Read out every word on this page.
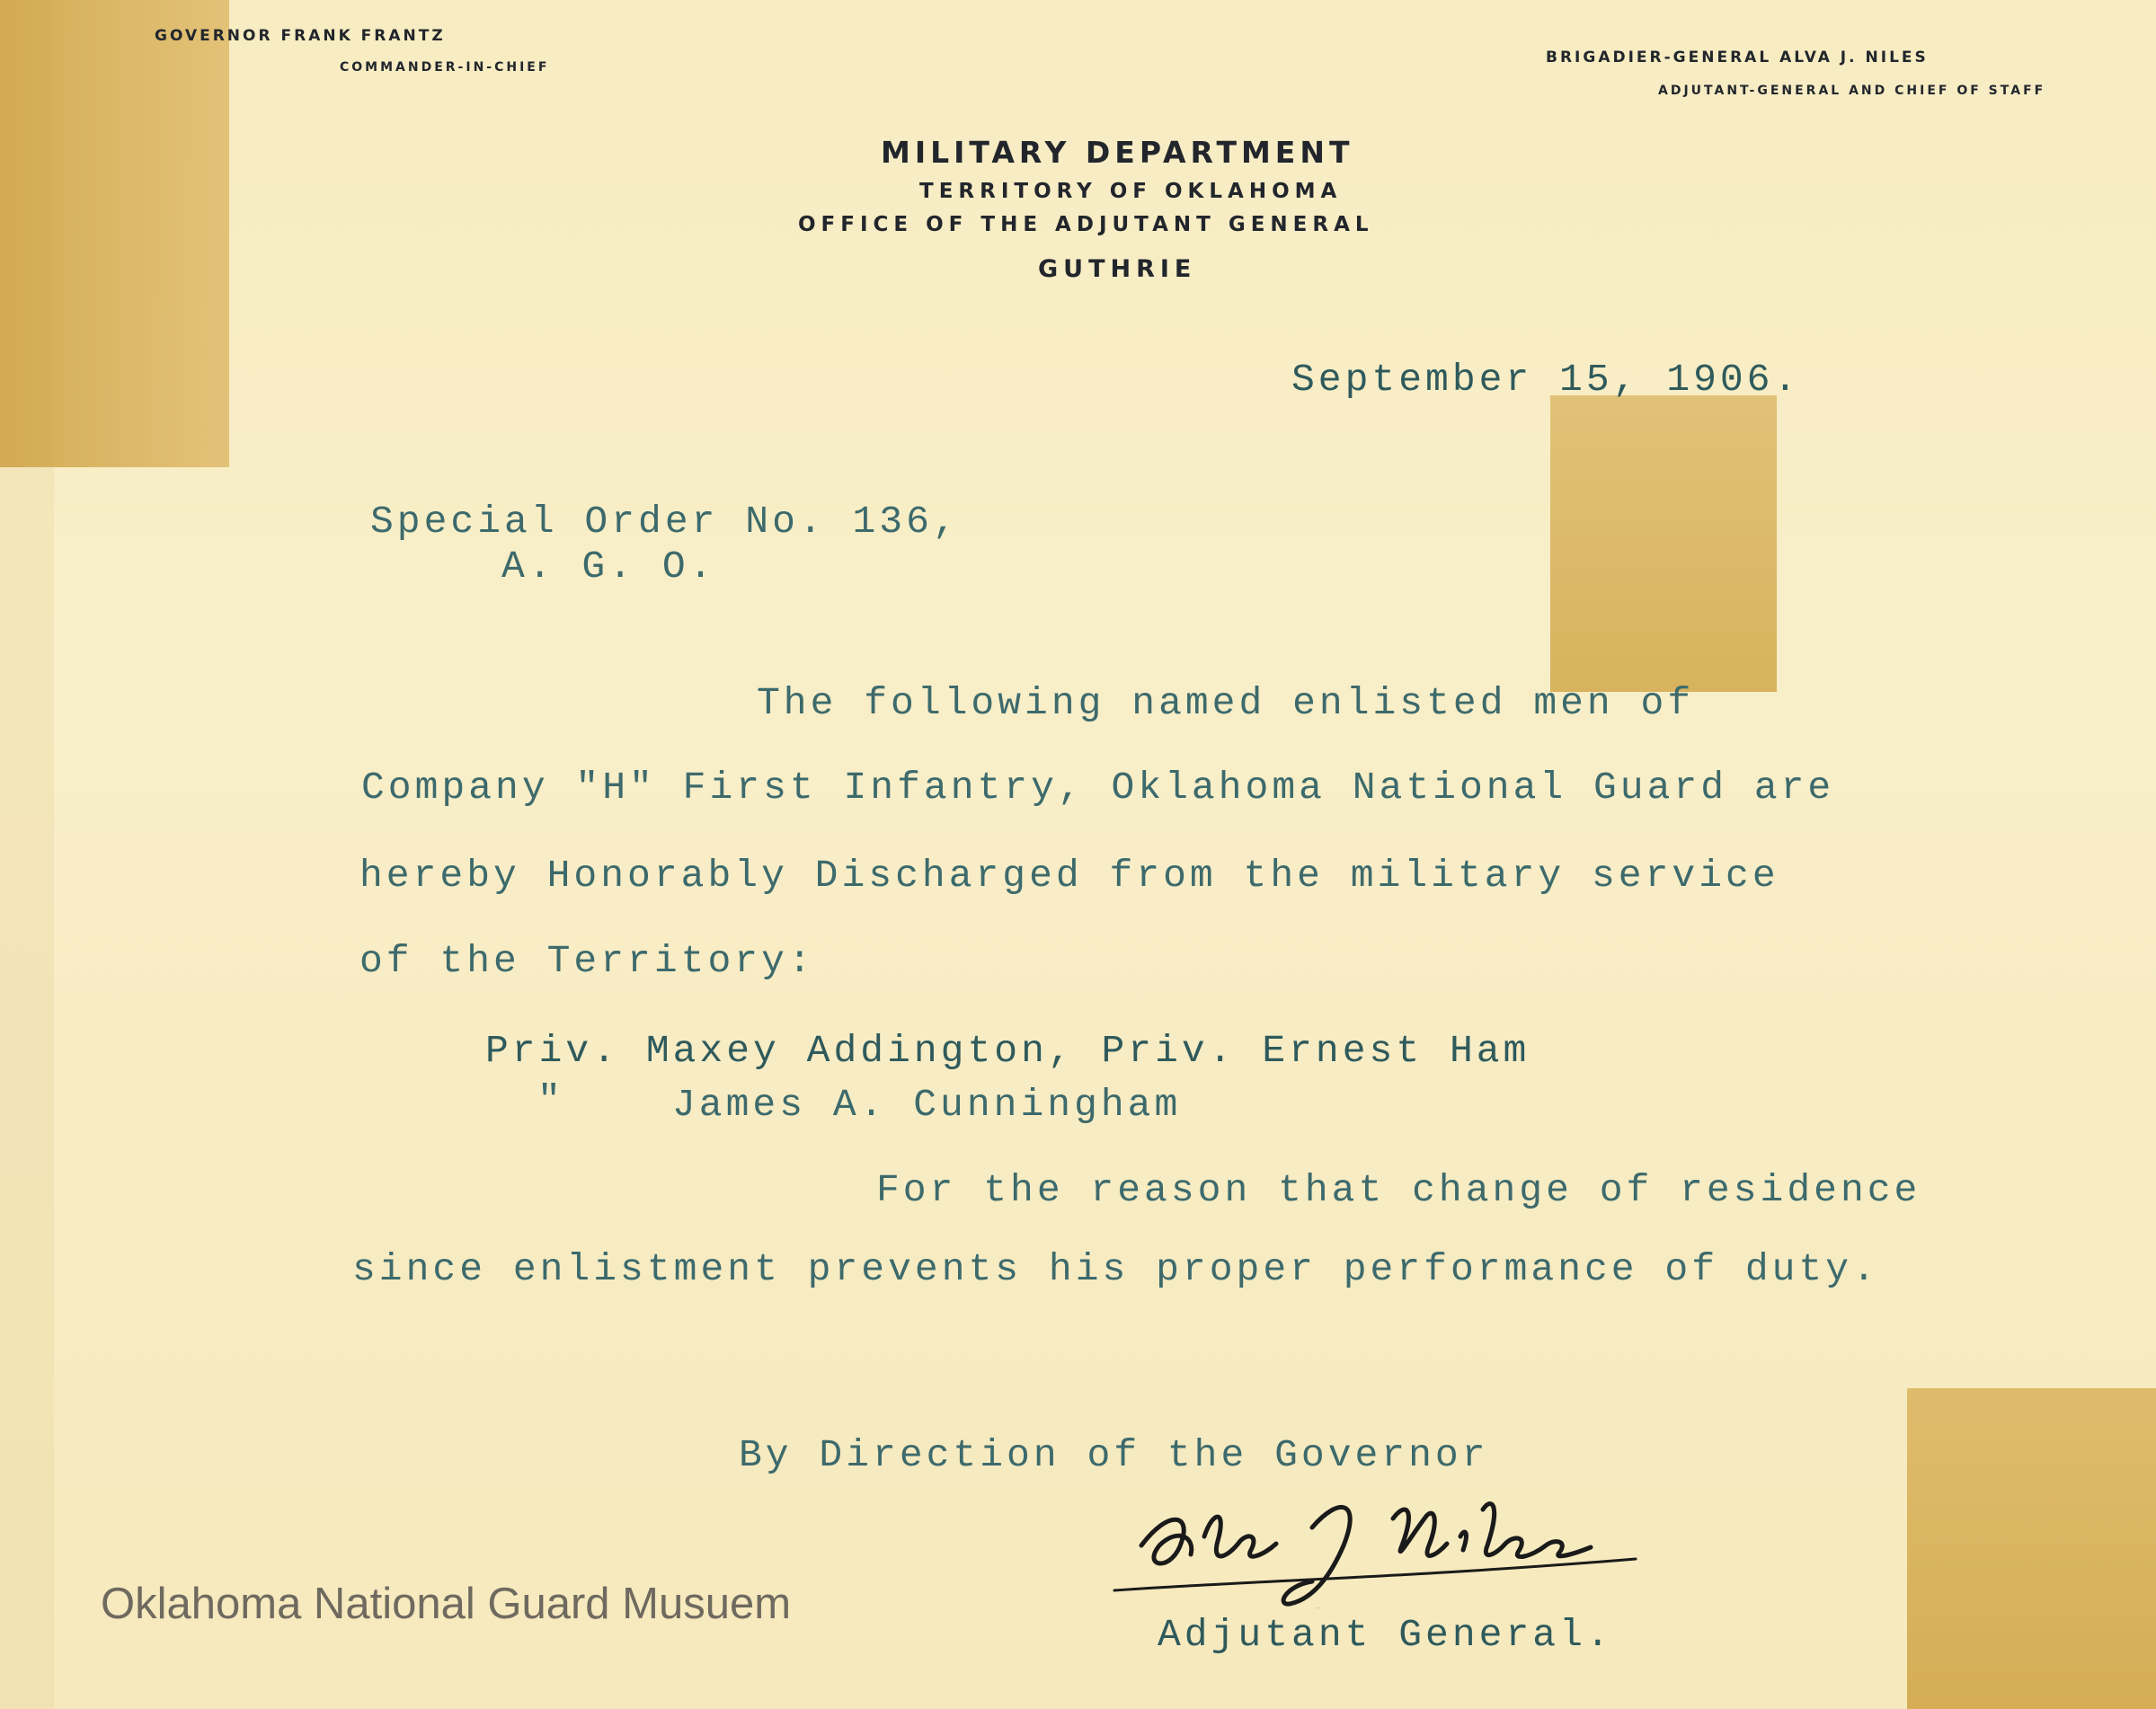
GOVERNOR FRANK FRANTZ
COMMANDER-IN-CHIEF
BRIGADIER-GENERAL ALVA J. NILES
ADJUTANT-GENERAL AND CHIEF OF STAFF
MILITARY DEPARTMENT
TERRITORY OF OKLAHOMA
OFFICE OF THE ADJUTANT GENERAL
GUTHRIE
September 15, 1906.
Special Order No. 136,
A. G. O.
The following named enlisted men of
Company "H" First Infantry, Oklahoma National Guard are
hereby Honorably Discharged from the military service
of the Territory:
Priv. Maxey Addington, Priv. Ernest Ham
"	James A. Cunningham
For the reason that change of residence
since enlistment prevents his proper performance of duty.
By Direction of the Governor
Alva J. Niles
Adjutant General.
Oklahoma National Guard Musuem
